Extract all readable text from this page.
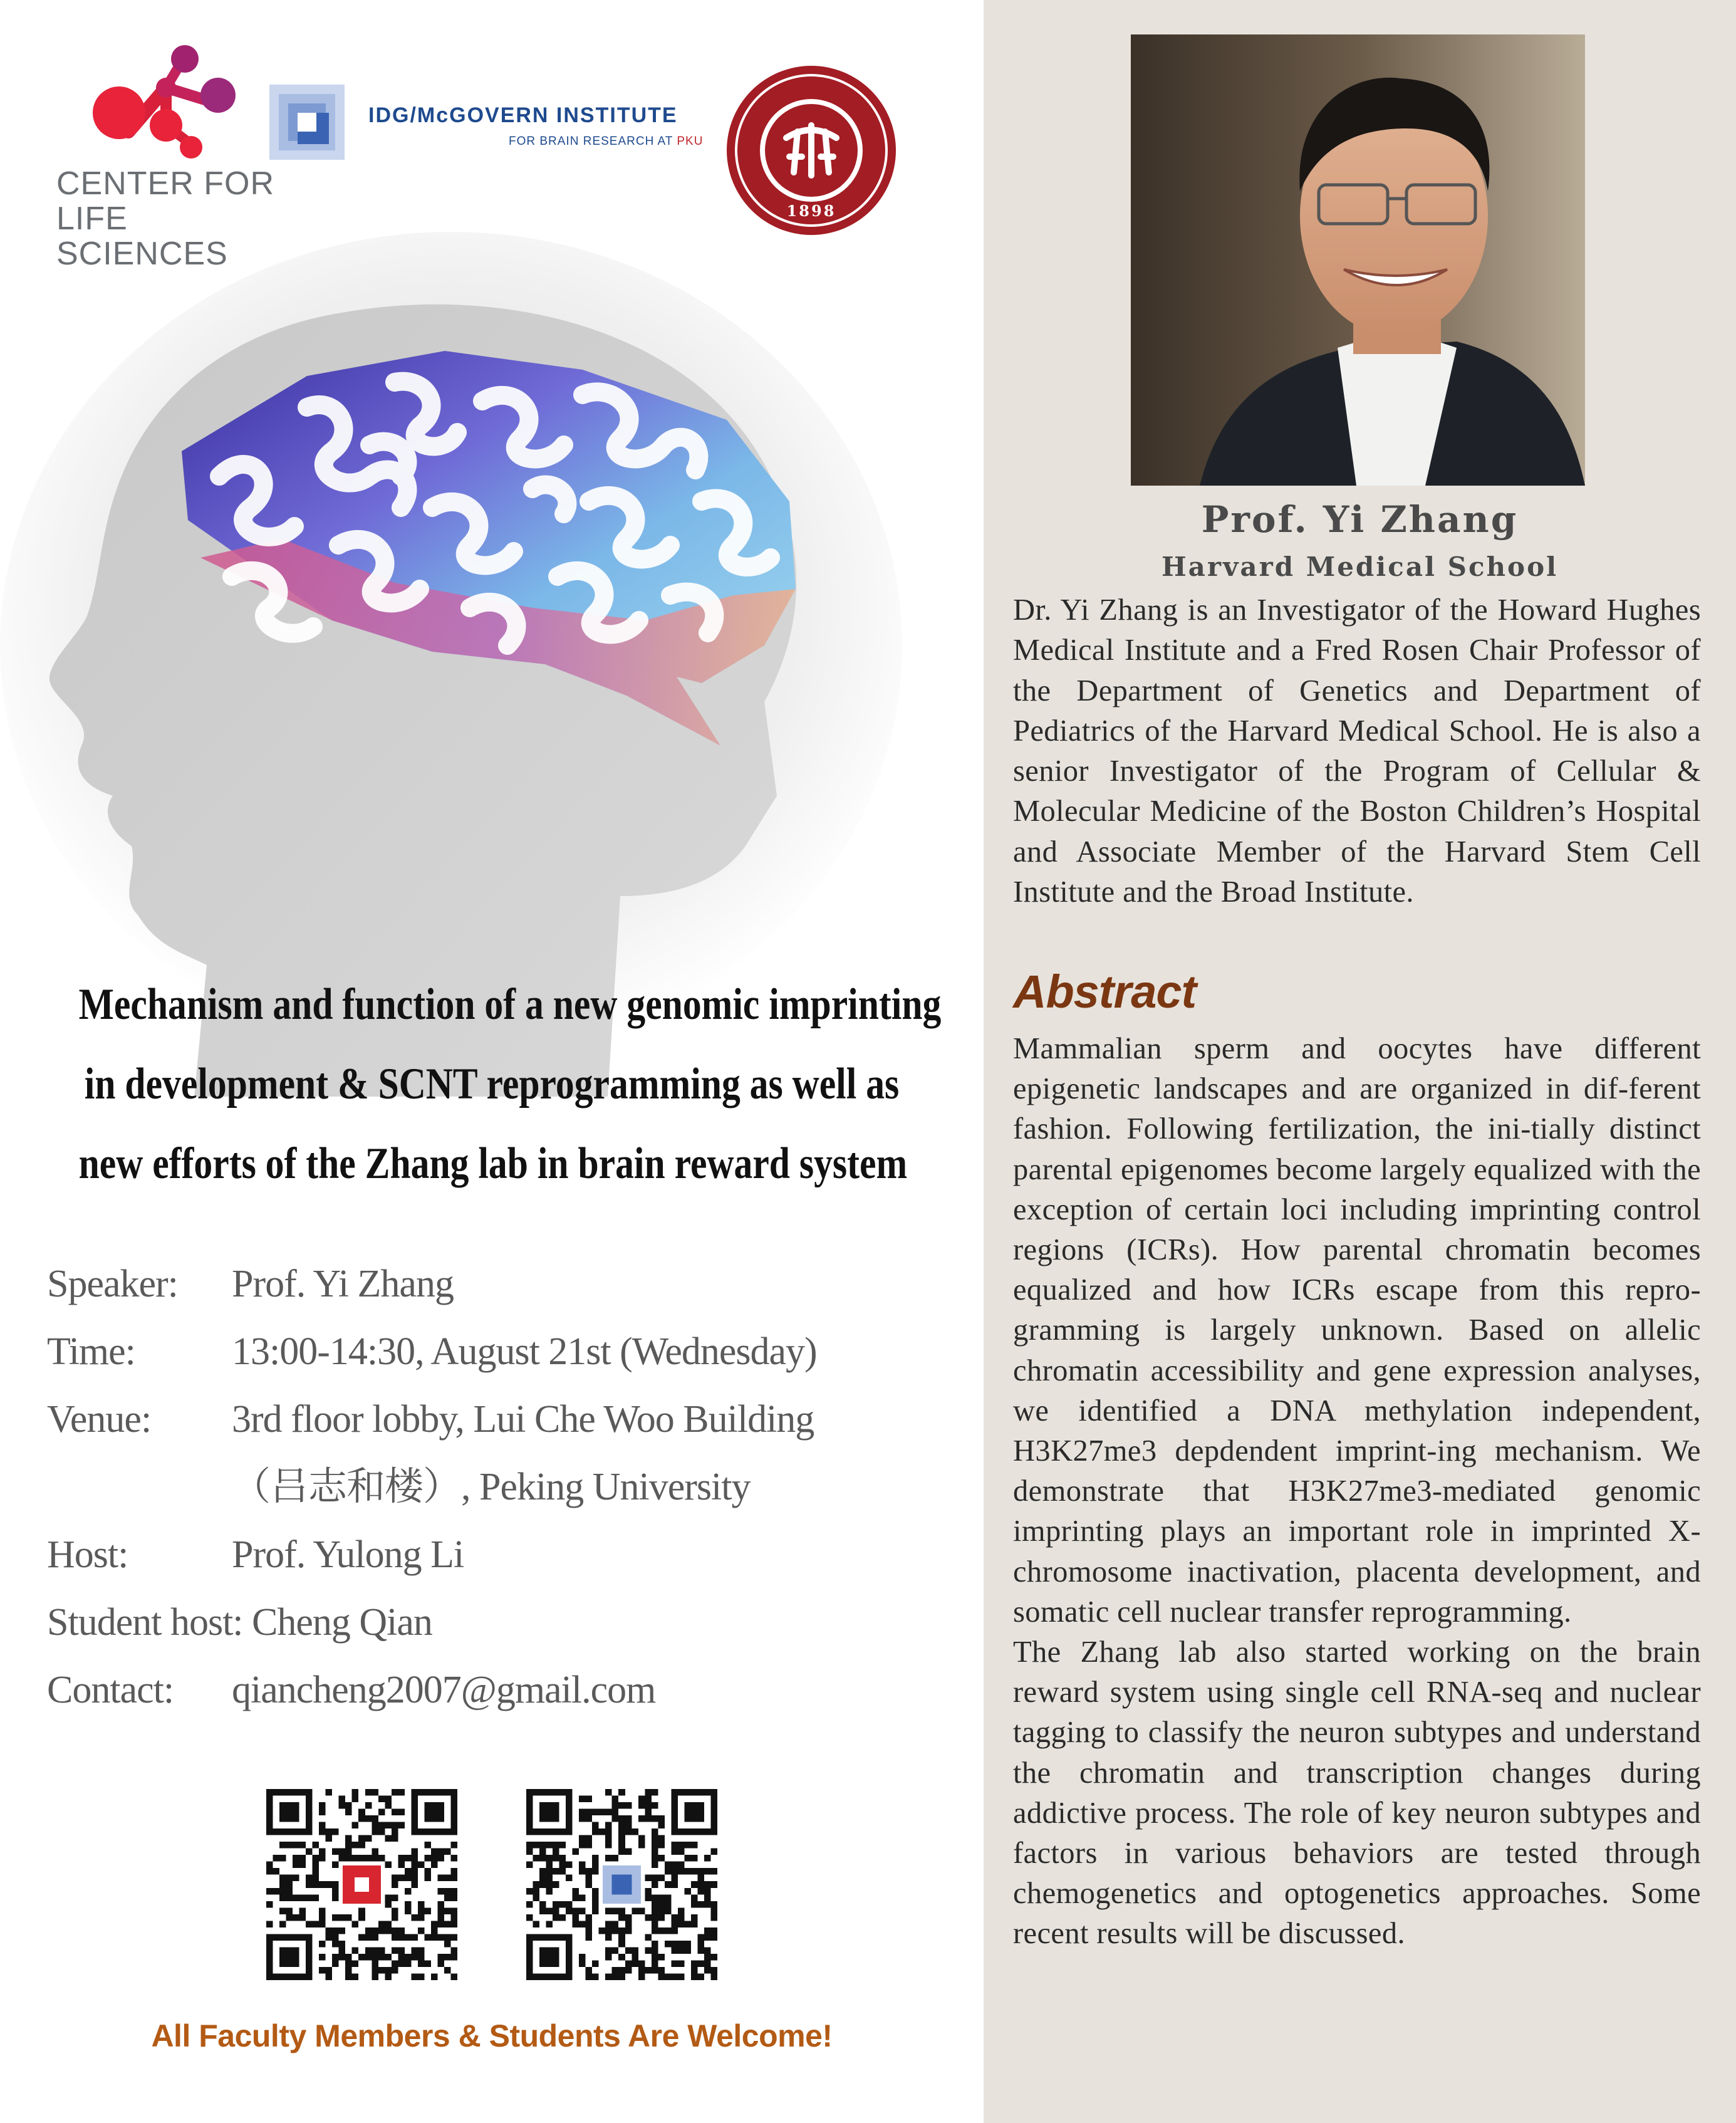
CENTER FOR
LIFE SCIENCES
IDG/McGOVERN INSTITUTE
FOR BRAIN RESEARCH AT PKU
PEKING UNIVERSITY
1898
Mechanism and function of a new genomic imprinting
in development & SCNT reprogramming as well as
new efforts of the Zhang lab in brain reward system
Speaker: Prof. Yi Zhang
Time: 13:00-14:30, August 21st (Wednesday)
Venue: 3rd floor lobby, Lui Che Woo Building
（吕志和楼）, Peking University
Host:	Prof. Yulong Li
Student host: Cheng Qian
Contact: qiancheng2007@gmail.com
All Faculty Members & Students Are Welcome!
Prof. Yi Zhang
Harvard Medical School
Dr. Yi Zhang is an Investigator of the Howard Hughes Medical Institute and a Fred Rosen Chair Professor of the Department of Genetics and Department of Pediatrics of the Harvard Medical School. He is also a senior Investigator of the Program of Cellular & Molecular Medicine of the Boston Children’s Hospital and Associate Member of the Harvard Stem Cell Institute and the Broad Institute.
Abstract

Mammalian sperm and oocytes have different epigenetic landscapes and are organized in dif-ferent fashion. Following fertilization, the ini-tially distinct parental epigenomes become largely equalized with the exception of certain loci including imprinting control regions (ICRs). How parental chromatin becomes equalized and how ICRs escape from this repro-gramming is largely unknown. Based on allelic chromatin accessibility and gene expression analyses, we identified a DNA methylation independent, H3K27me3 depdendent imprint-ing mechanism. We demonstrate that H3K27me3-mediated genomic imprinting plays an important role in imprinted X-chromosome inactivation, placenta development, and somatic cell nuclear transfer reprogramming.

The Zhang lab also started working on the brain reward system using single cell RNA-seq and nuclear tagging to classify the neuron subtypes and understand the chromatin and transcription changes during addictive process. The role of key neuron subtypes and factors in various behaviors are tested through chemogenetics and optogenetics approaches. Some recent results will be discussed.
